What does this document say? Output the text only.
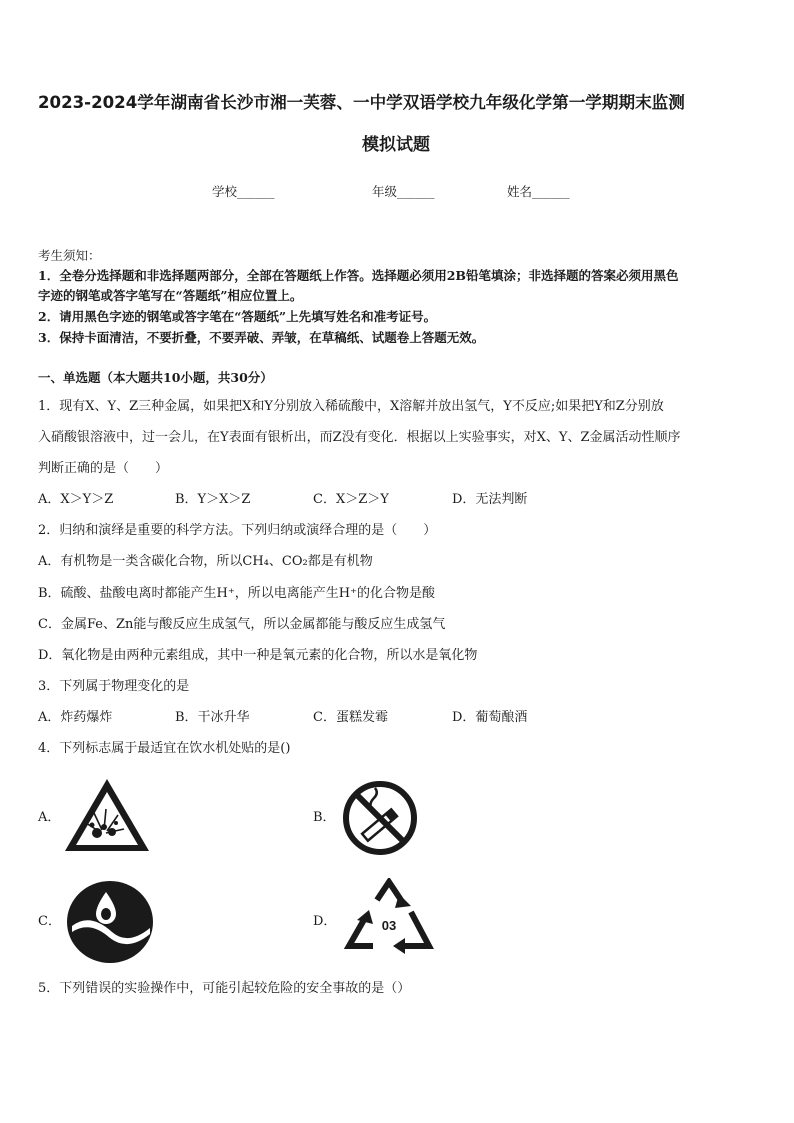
2023-2024学年湖南省长沙市湘一芙蓉、一中学双语学校九年级化学第一学期期末监测
模拟试题
学校______	年级______	姓名______
考生须知：
1．全卷分选择题和非选择题两部分，全部在答题纸上作答。选择题必须用2B铅笔填涂；非选择题的答案必须用黑色
字迹的钢笔或答字笔写在“答题纸”相应位置上。
2．请用黑色字迹的钢笔或答字笔在“答题纸”上先填写姓名和准考证号。
3．保持卡面清洁，不要折叠，不要弄破、弄皱，在草稿纸、试题卷上答题无效。
一、单选题（本大题共10小题，共30分）
1．现有X、Y、Z三种金属，如果把X和Y分别放入稀硫酸中，X溶解并放出氢气，Y不反应;如果把Y和Z分别放
入硝酸银溶液中，过一会儿，在Y表面有银析出，而Z没有变化．根据以上实验事实，对X、Y、Z金属活动性顺序
判断正确的是（　　）
A．X＞Y＞Z	B．Y＞X＞Z	C．X＞Z＞Y	D．无法判断
2．归纳和演绎是重要的科学方法。下列归纳或演绎合理的是（　　）
A．有机物是一类含碳化合物，所以CH₄、CO₂都是有机物
B．硫酸、盐酸电离时都能产生H⁺，所以电离能产生H⁺的化合物是酸
C．金属Fe、Zn能与酸反应生成氢气，所以金属都能与酸反应生成氢气
D．氧化物是由两种元素组成，其中一种是氧元素的化合物，所以水是氧化物
3．下列属于物理变化的是
A．炸药爆炸	B．干冰升华	C．蛋糕发霉	D．葡萄酿酒
4．下列标志属于最适宜在饮水机处贴的是()
A．	B．
C．	D．	03
5．下列错误的实验操作中，可能引起较危险的安全事故的是（）
